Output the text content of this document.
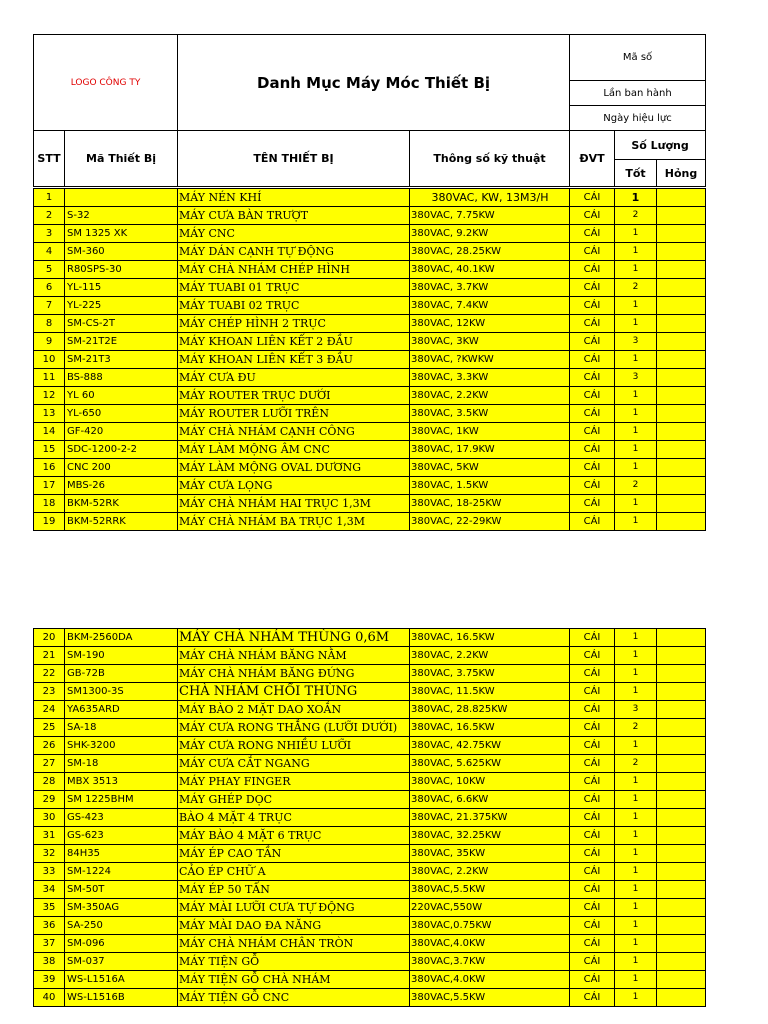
LOGO CÔNG TY		Danh Mục Máy Móc Thiết Bị		Mã số		
				Lần ban hành		
				Ngày hiệu lực		
STT	Mã Thiết Bị	TÊN THIẾT BỊ	Thông số kỹ thuật	ĐVT	Số Lượng	
					Tốt	Hỏng
1		MÁY NÉN KHÍ	380VAC, KW, 13M3/H	CÁI	1	
2	S-32	MÁY CƯA BÀN TRƯỢT	380VAC, 7.75KW	CÁI	2	
3	SM 1325 XK	MÁY CNC	380VAC, 9.2KW	CÁI	1	
4	SM-360	MÁY DÁN CẠNH TỰ ĐỘNG	380VAC, 28.25KW	CÁI	1	
5	R80SPS-30	MÁY CHÀ NHÁM CHÉP HÌNH	380VAC, 40.1KW	CÁI	1	
6	YL-115	MÁY TUABI 01 TRỤC	380VAC, 3.7KW	CÁI	2	
7	YL-225	MÁY TUABI 02 TRỤC	380VAC, 7.4KW	CÁI	1	
8	SM-CS-2T	MÁY CHÉP HÌNH 2 TRỤC	380VAC, 12KW	CÁI	1	
9	SM-21T2E	MÁY KHOAN LIÊN KẾT 2 ĐẦU	380VAC, 3KW	CÁI	3	
10	SM-21T3	MÁY KHOAN LIÊN KẾT 3 ĐẦU	380VAC, ?KWKW	CÁI	1	
11	BS-888	MÁY CƯA ĐU	380VAC, 3.3KW	CÁI	3	
12	YL 60	MÁY ROUTER TRỤC DƯỚI	380VAC, 2.2KW	CÁI	1	
13	YL-650	MÁY ROUTER LƯỠI TRÊN	380VAC, 3.5KW	CÁI	1	
14	GF-420	MÁY CHÀ NHÁM CẠNH CÔNG	380VAC, 1KW	CÁI	1	
15	SDC-1200-2-2	MÁY LÀM MỘNG ÂM CNC	380VAC, 17.9KW	CÁI	1	
16	CNC 200	MÁY LÀM MỘNG OVAL DƯƠNG	380VAC, 5KW	CÁI	1	
17	MBS-26	MÁY CƯA LỌNG	380VAC, 1.5KW	CÁI	2	
18	BKM-52RK	MÁY CHÀ NHÁM HAI TRỤC 1,3M	380VAC, 18-25KW	CÁI	1	
19	BKM-52RRK	MÁY CHÀ NHÁM BA TRỤC 1,3M	380VAC, 22-29KW	CÁI	1	
20	BKM-2560DA	MÁY CHÀ NHÁM THÙNG 0,6M	380VAC, 16.5KW	CÁI	1	
21	SM-190	MÁY CHÀ NHÁM BĂNG NẰM	380VAC, 2.2KW	CÁI	1	
22	GB-72B	MÁY CHÀ NHÁM BĂNG ĐỨNG	380VAC, 3.75KW	CÁI	1	
23	SM1300-3S	CHÀ NHÁM CHỔI THÙNG	380VAC, 11.5KW	CÁI	1	
24	YA635ARD	MÁY BÀO 2 MẶT DAO XOẮN	380VAC, 28.825KW	CÁI	3	
25	SA-18	MÁY CƯA RONG THẲNG (LƯỠI DƯỚI)	380VAC, 16.5KW	CÁI	2	
26	SHK-3200	MÁY CƯA RONG NHIỀU LƯỠI	380VAC, 42.75KW	CÁI	1	
27	SM-18	MÁY CƯA CẮT NGANG	380VAC, 5.625KW	CÁI	2	
28	MBX 3513	MÁY PHAY FINGER	380VAC, 10KW	CÁI	1	
29	SM 1225BHM	MÁY GHÉP DỌC	380VAC, 6.6KW	CÁI	1	
30	GS-423	BÀO 4 MẶT 4 TRỤC	380VAC, 21.375KW	CÁI	1	
31	GS-623	MÁY BÀO 4 MẶT 6 TRỤC	380VAC, 32.25KW	CÁI	1	
32	84H35	MÁY ÉP CAO TẦN	380VAC, 35KW	CÁI	1	
33	SM-1224	CẢO ÉP CHỮ A	380VAC, 2.2KW	CÁI	1	
34	SM-50T	MÁY ÉP 50 TẤN	380VAC,5.5KW	CÁI	1	
35	SM-350AG	MÁY MÀI LƯỠI CƯA TỰ ĐỘNG	220VAC,550W	CÁI	1	
36	SA-250	MÁY MÀI DAO ĐA NĂNG	380VAC,0.75KW	CÁI	1	
37	SM-096	MÁY CHÀ NHÁM CHÂN TRÒN	380VAC,4.0KW	CÁI	1	
38	SM-037	MÁY TIỆN GỖ	380VAC,3.7KW	CÁI	1	
39	WS-L1516A	MÁY TIỆN GỖ CHÀ NHÁM	380VAC,4.0KW	CÁI	1	
40	WS-L1516B	MÁY TIỆN GỖ CNC	380VAC,5.5KW	CÁI	1	
